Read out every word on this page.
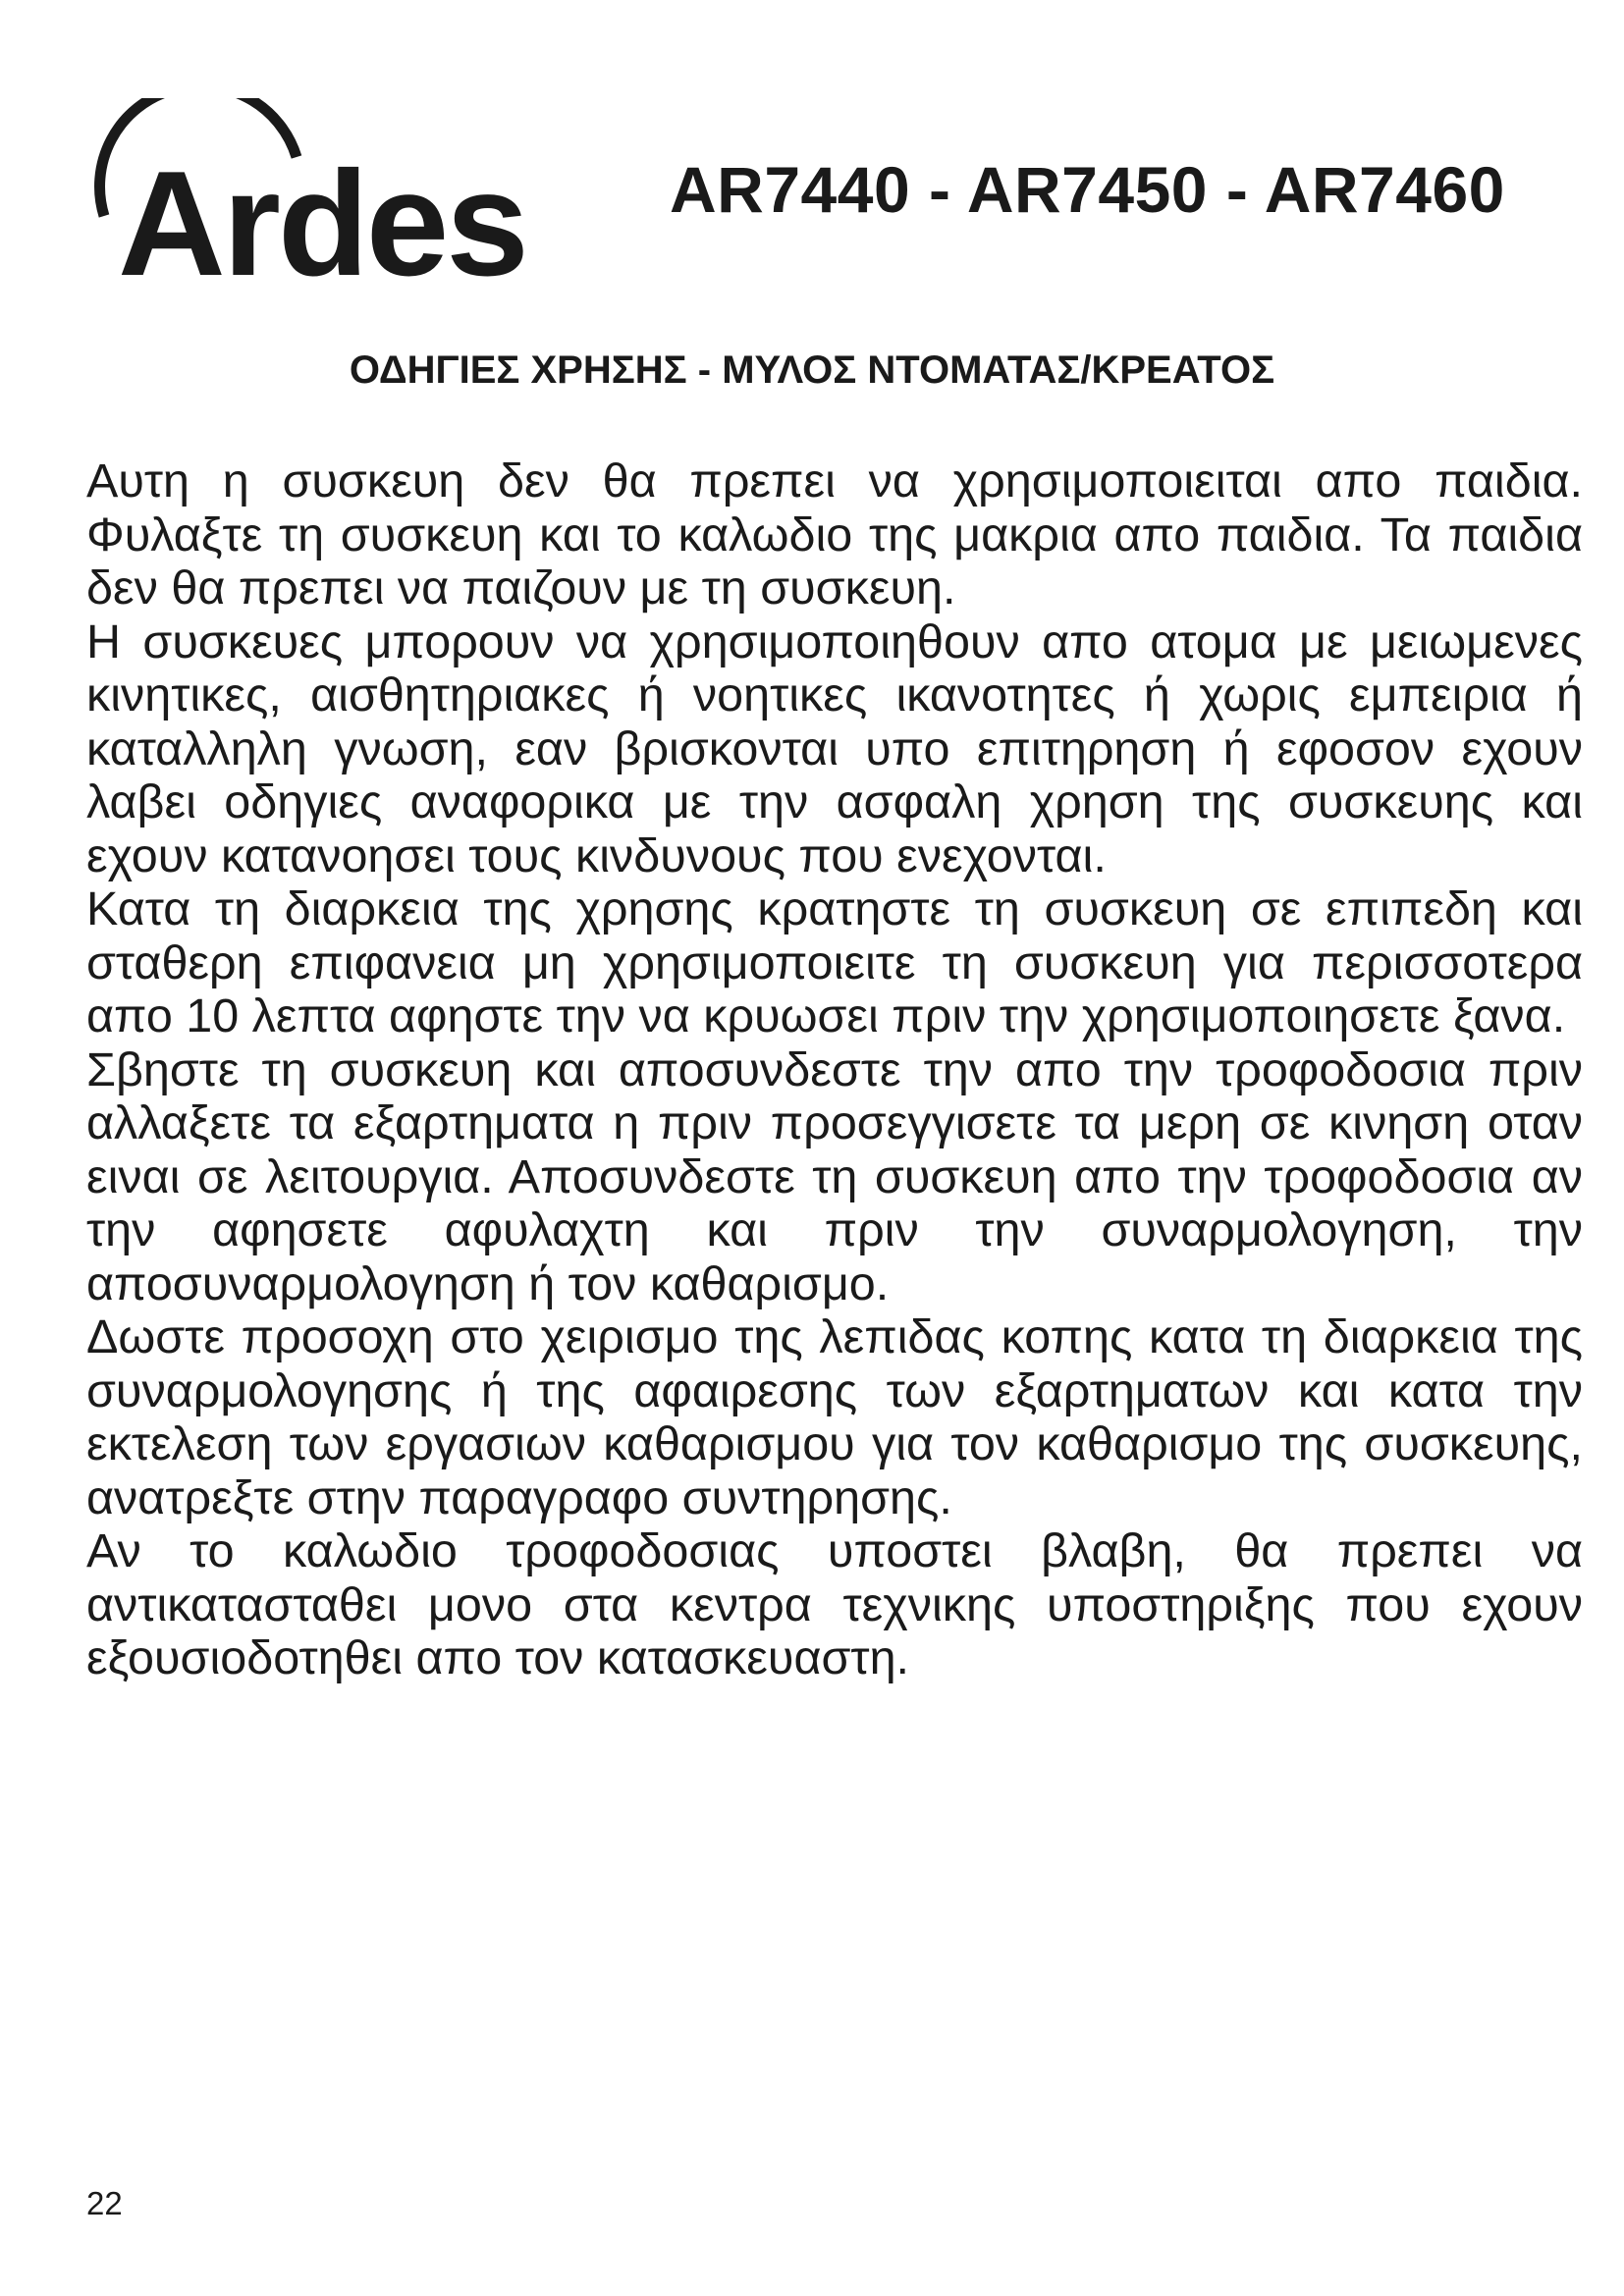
Ardes AR7440 - AR7450 - AR7460
ΟΔΗΓΙΕΣ ΧΡΗΣΗΣ - ΜΥΛΟΣ ΝΤΟΜΑΤΑΣ/ΚΡΕΑΤΟΣ

Αυτη η συσκευη δεν θα πρεπει να χρησιμοποιειται απο παιδια. Φυλαξτε τη συσκευη και το καλωδιο της μακρια απο παιδια. Τα παιδια δεν θα πρεπει να παιζουν με τη συσκευη.

Η συσκευες μπορουν να χρησιμοποιηθουν απο ατομα με μειωμενες κινητικες, αισθητηριακες ή νοητικες ικανοτητες ή χωρις εμπειρια ή καταλληλη γνωση, εαν βρισκονται υπο επιτηρηση ή εφοσον εχουν λαβει οδηγιες αναφορικα με την ασφαλη χρηση της συσκευης και εχουν κατανοησει τους κινδυνους που ενεχονται.

Κατα τη διαρκεια της χρησης κρατηστε τη συσκευη σε επιπεδη και σταθερη επιφανεια μη χρησιμοποιειτε τη συσκευη για περισσοτερα απο 10 λεπτα αφηστε την να κρυωσει πριν την χρησιμοποιησετε ξανα.

Σβηστε τη συσκευη και αποσυνδεστε την απο την τροφοδοσια πριν αλλαξετε τα εξαρτηματα η πριν προσεγγισετε τα μερη σε κινηση οταν ειναι σε λειτουργια. Αποσυνδεστε τη συσκευη απο την τροφοδοσια αν την αφησετε αφυλαχτη και πριν την συναρμολογηση, την αποσυναρμολογηση ή τον καθαρισμο.

Δωστε προσοχη στο χειρισμο της λεπιδας κοπης κατα τη διαρκεια της συναρμολογησης ή της αφαιρεσης των εξαρτηματων και κατα την εκτελεση των εργασιων καθαρισμου για τον καθαρισμο της συσκευης, ανατρεξτε στην παραγραφο συντηρησης.

Αν το καλωδιο τροφοδοσιας υποστει βλαβη, θα πρεπει να αντικατασταθει μονο στα κεντρα τεχνικης υποστηριξης που εχουν εξουσιοδοτηθει απο τον κατασκευαστη.

22
